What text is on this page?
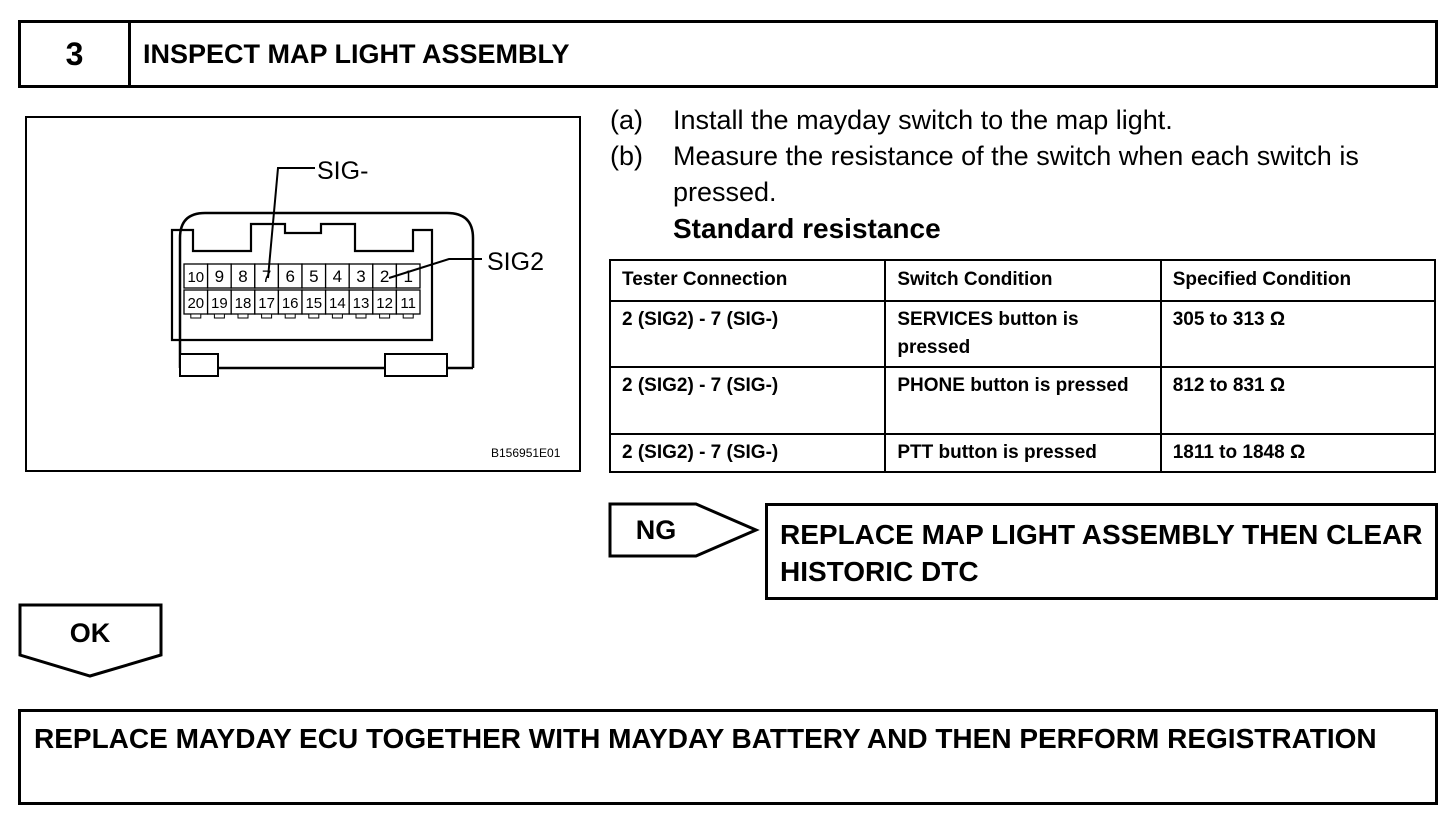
3	INSPECT MAP LIGHT ASSEMBLY
10 9 8 7 6 5 4 3 2 1
20 19 18 17 16 15 14 13 12 11
SIG-
SIG2
B156951E01
(a) Install the mayday switch to the map light.
(b) Measure the resistance of the switch when each switch is pressed.
Standard resistance
Tester Connection	Switch Condition	Specified Condition
2 (SIG2) - 7 (SIG-)	SERVICES button is pressed	305 to 313 Ω
2 (SIG2) - 7 (SIG-)	PHONE button is pressed	812 to 831 Ω
2 (SIG2) - 7 (SIG-)	PTT button is pressed	1811 to 1848 Ω
NG	REPLACE MAP LIGHT ASSEMBLY THEN CLEAR HISTORIC DTC
OK
REPLACE MAYDAY ECU TOGETHER WITH MAYDAY BATTERY AND THEN PERFORM REGISTRATION
